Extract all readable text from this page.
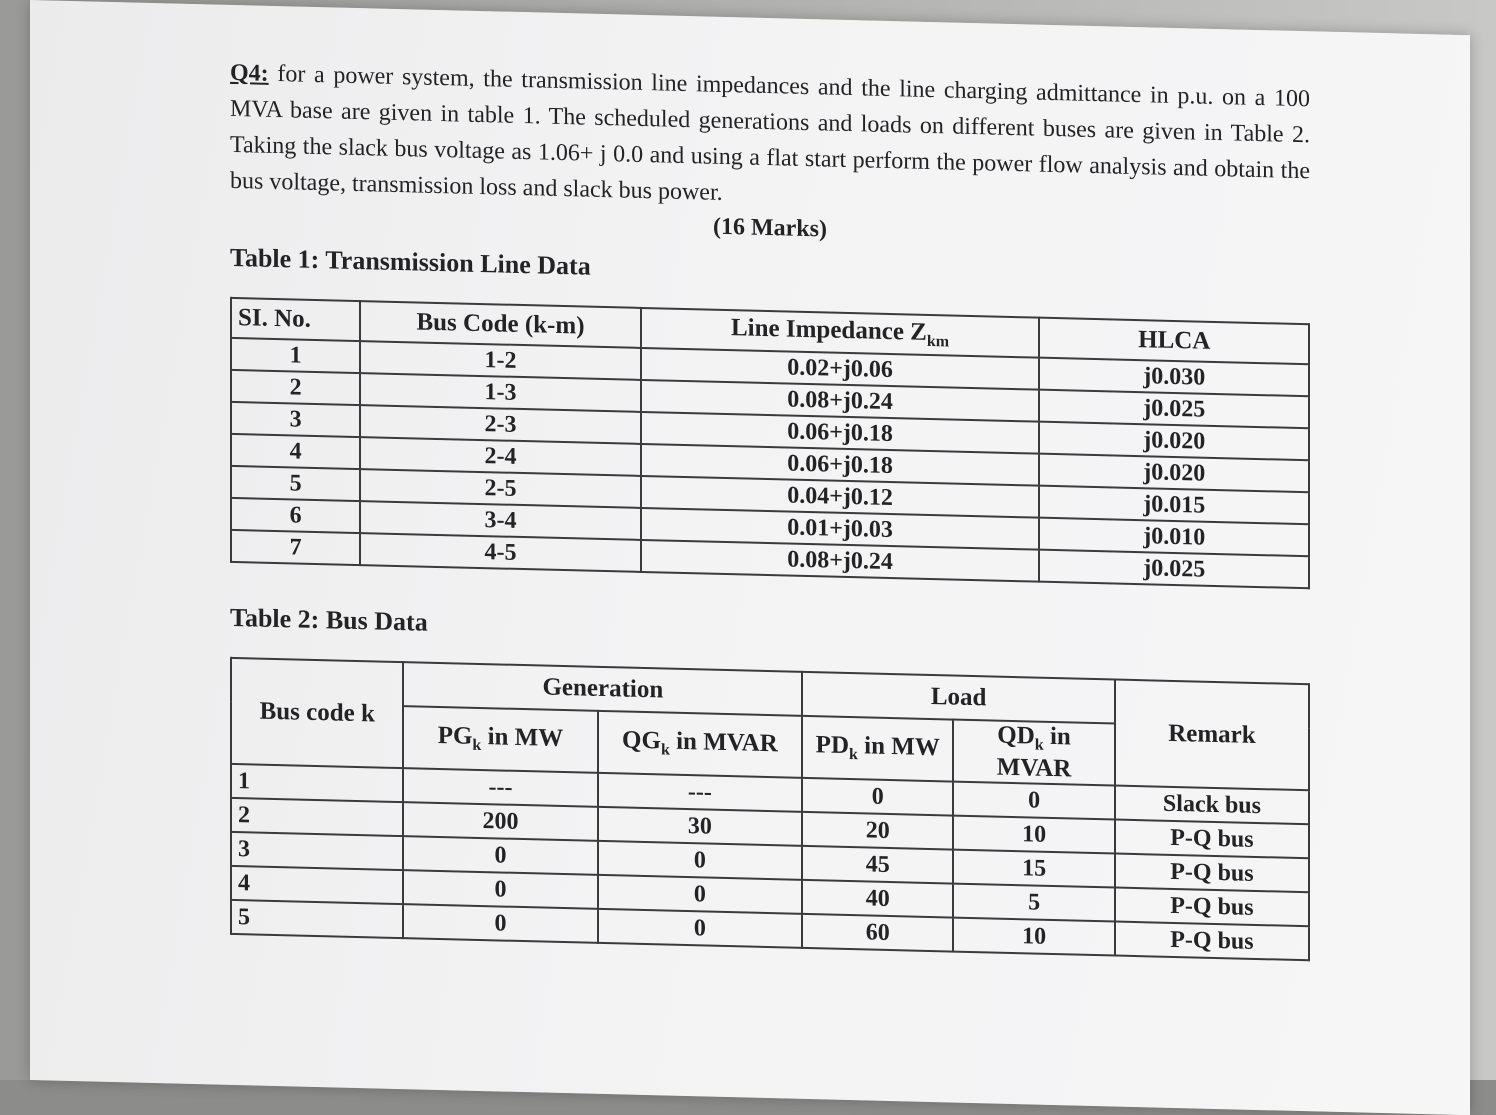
Q4: for a power system, the transmission line impedances and the line charging admittance in p.u. on a 100 MVA base are given in table 1. The scheduled generations and loads on different buses are given in Table 2. Taking the slack bus voltage as 1.06+ j 0.0 and using a flat start perform the power flow analysis and obtain the bus voltage, transmission loss and slack bus power.
(16 Marks)

Table 1: Transmission Line Data
SI. No.	Bus Code (k-m)	Line Impedance $Z_{km}$	HLCA
1	1-2	0.02+j0.06	j0.030
2	1-3	0.08+j0.24	j0.025
3	2-3	0.06+j0.18	j0.020
4	2-4	0.06+j0.18	j0.020
5	2-5	0.04+j0.12	j0.015
6	3-4	0.01+j0.03	j0.010
7	4-5	0.08+j0.24	j0.025
Table 2: Bus Data
Bus code k	Generation		Load		Remark
	$PG_k$ in MW	$QG_k$ in MVAR	$PD_k$ in MW	$QD_k$ in MVAR	
1	---	---	0	0	Slack bus
2	200	30	20	10	P-Q bus
3	0	0	45	15	P-Q bus
4	0	0	40	5	P-Q bus
5	0	0	60	10	P-Q bus
